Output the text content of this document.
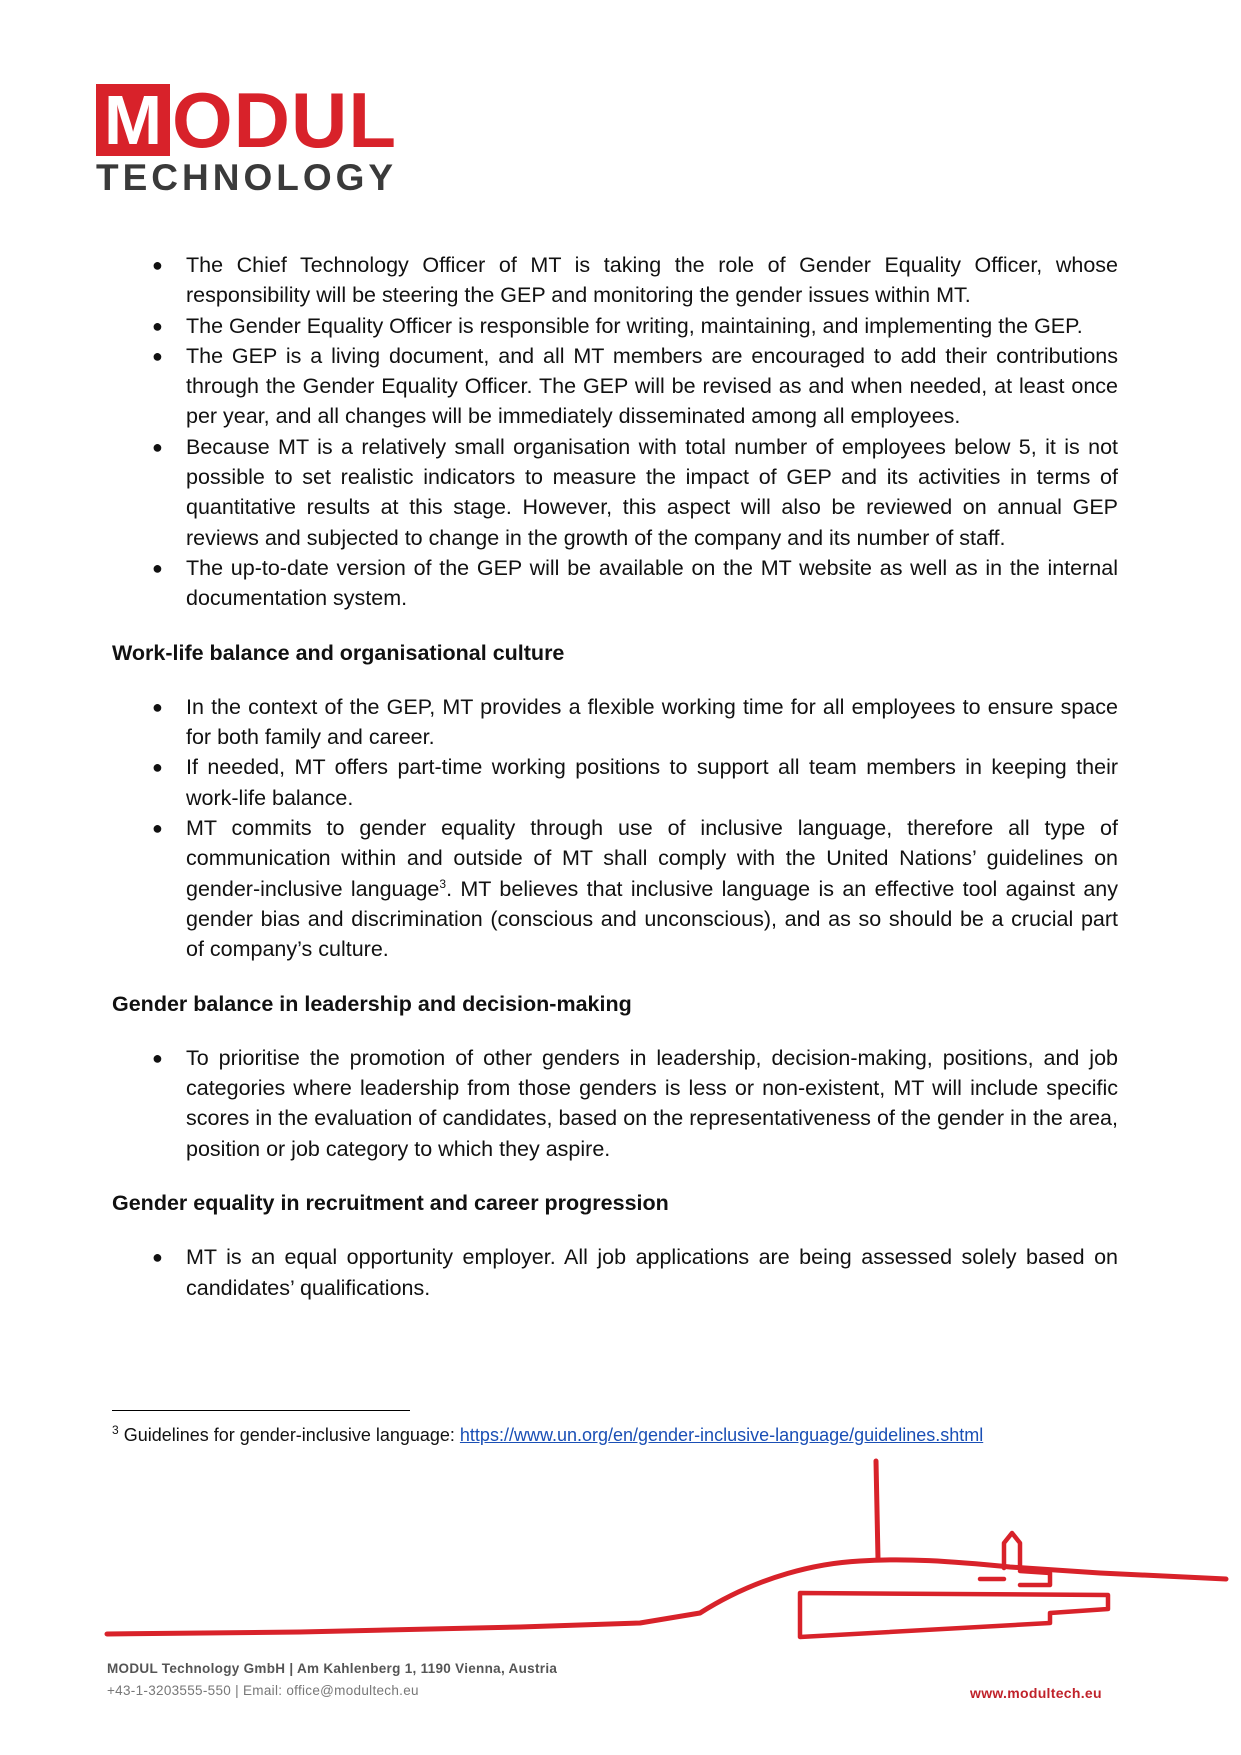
M ODUL
TECHNOLOGY
● The Chief Technology Officer of MT is taking the role of Gender Equality Officer, whose responsibility will be steering the GEP and monitoring the gender issues within MT.
● The Gender Equality Officer is responsible for writing, maintaining, and implementing the GEP.
● The GEP is a living document, and all MT members are encouraged to add their contributions through the Gender Equality Officer. The GEP will be revised as and when needed, at least once per year, and all changes will be immediately disseminated among all employees.
● Because MT is a relatively small organisation with total number of employees below 5, it is not possible to set realistic indicators to measure the impact of GEP and its activities in terms of quantitative results at this stage. However, this aspect will also be reviewed on annual GEP reviews and subjected to change in the growth of the company and its number of staff.
● The up-to-date version of the GEP will be available on the MT website as well as in the internal documentation system.
Work-life balance and organisational culture
● In the context of the GEP, MT provides a flexible working time for all employees to ensure space for both family and career.
● If needed, MT offers part-time working positions to support all team members in keeping their work-life balance.
● MT commits to gender equality through use of inclusive language, therefore all type of communication within and outside of MT shall comply with the United Nations’ guidelines on gender-inclusive language$^3$. MT believes that inclusive language is an effective tool against any gender bias and discrimination (conscious and unconscious), and as so should be a crucial part of company’s culture.
Gender balance in leadership and decision-making
● To prioritise the promotion of other genders in leadership, decision-making, positions, and job categories where leadership from those genders is less or non-existent, MT will include specific scores in the evaluation of candidates, based on the representativeness of the gender in the area, position or job category to which they aspire.
Gender equality in recruitment and career progression
● MT is an equal opportunity employer. All job applications are being assessed solely based on candidates’ qualifications.
$^3$ Guidelines for gender-inclusive language: https://www.un.org/en/gender-inclusive-language/guidelines.shtml
MODUL Technology GmbH | Am Kahlenberg 1, 1190 Vienna, Austria
+43-1-3203555-550 | Email: office@modultech.eu	www.modultech.eu
